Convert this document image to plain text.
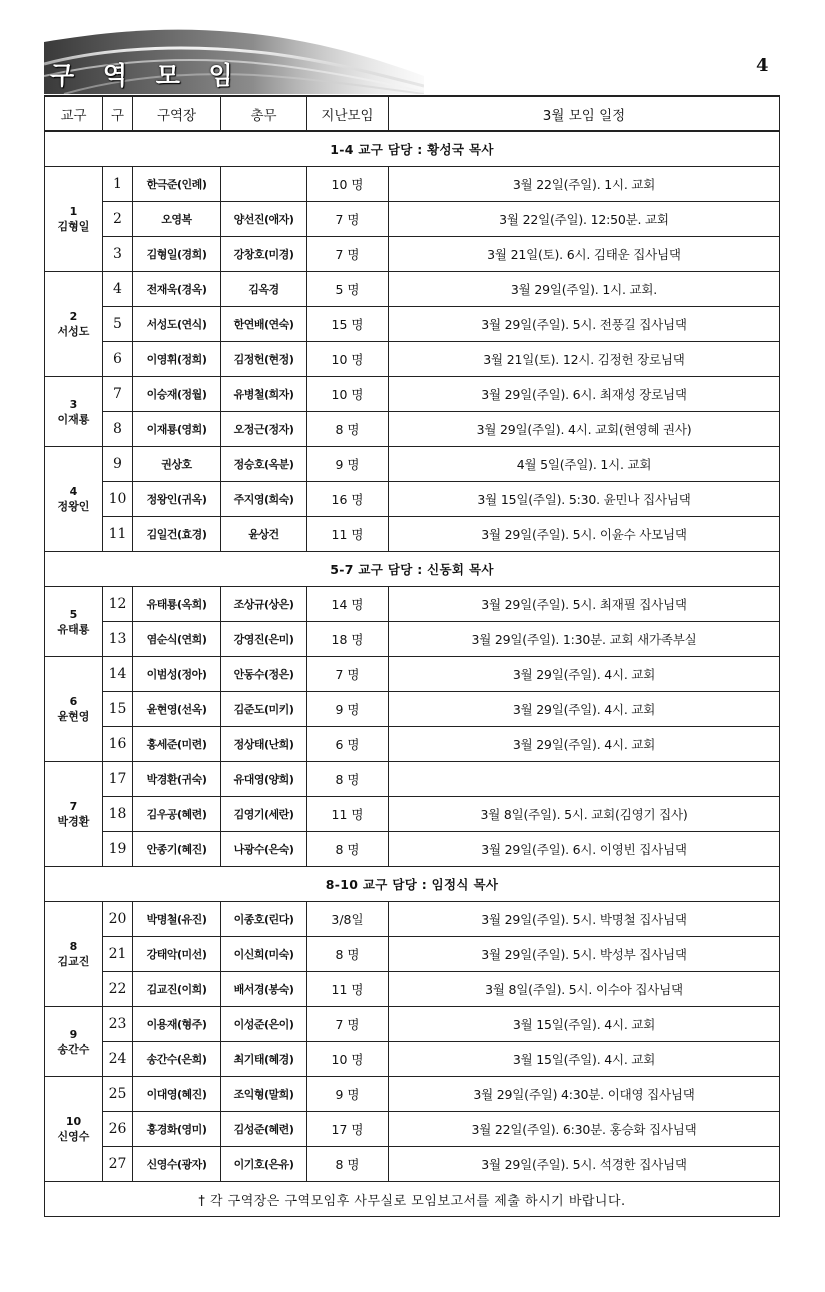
구 역 모 임	4
교구	구	구역장	총무	지난모임	3월 모임 일정
1-4 교구 담당 : 황성국 목사					

1
김형일	1	한극준(인례)		10 명	3월 22일(주일). 1시. 교회
	2	오영복	양선진(애자)	7 명	3월 22일(주일). 12:50분. 교회
	3	김형일(경희)	강창호(미경)	7 명	3월 21일(토). 6시. 김태운 집사님댁

2
서성도	4	전재욱(경옥)	김옥경	5 명	3월 29일(주일). 1시. 교회.
	5	서성도(연식)	한연배(연숙)	15 명	3월 29일(주일). 5시. 전풍길 집사님댁
	6	이영휘(정희)	김정헌(현정)	10 명	3월 21일(토). 12시. 김정헌 장로님댁

3
이재룡	7	이승재(정월)	유병철(희자)	10 명	3월 29일(주일). 6시. 최재성 장로님댁
	8	이재룡(영희)	오정근(정자)	8 명	3월 29일(주일). 4시. 교회(현영혜 권사)

4
정왕인	9	권상호	정승호(옥분)	9 명	4월 5일(주일). 1시. 교회
	10	정왕인(귀옥)	주지영(희숙)	16 명	3월 15일(주일). 5:30. 윤민나 집사님댁
	11	김일건(효경)	윤상건	11 명	3월 29일(주일). 5시. 이윤수 사모님댁
5-7 교구 담당 : 신동회 목사					

5
유태룡	12	유태룡(옥희)	조상규(상은)	14 명	3월 29일(주일). 5시. 최재필 집사님댁
	13	염순식(연희)	강영진(은미)	18 명	3월 29일(주일). 1:30분. 교회 새가족부실

6
윤현영	14	이범성(정아)	안동수(정은)	7 명	3월 29일(주일). 4시. 교회
	15	윤현영(선옥)	김준도(미키)	9 명	3월 29일(주일). 4시. 교회
	16	홍세준(미련)	정상태(난희)	6 명	3월 29일(주일). 4시. 교회

7
박경환	17	박경환(귀숙)	유대영(양희)	8 명	
	18	김우공(혜련)	김영기(세란)	11 명	3월 8일(주일). 5시. 교회(김영기 집사)
	19	안종기(혜진)	나광수(은숙)	8 명	3월 29일(주일). 6시. 이영빈 집사님댁
8-10 교구 담당 : 임정식 목사					

8
김교진	20	박명철(유진)	이종호(린다)	3/8일	3월 29일(주일). 5시. 박명철 집사님댁
	21	강태악(미선)	이신희(미숙)	8 명	3월 29일(주일). 5시. 박성부 집사님댁
	22	김교진(이희)	배서경(봉숙)	11 명	3월 8일(주일). 5시. 이수아 집사님댁

9
송간수	23	이용재(형주)	이성준(은이)	7 명	3월 15일(주일). 4시. 교회
	24	송간수(은희)	최기태(혜경)	10 명	3월 15일(주일). 4시. 교회

10
신영수	25	이대영(혜진)	조익형(말희)	9 명	3월 29일(주일) 4:30분. 이대영 집사님댁
	26	홍경화(영미)	김성준(혜련)	17 명	3월 22일(주일). 6:30분. 홍승화 집사님댁
	27	신영수(광자)	이기호(은유)	8 명	3월 29일(주일). 5시. 석경한 집사님댁
† 각 구역장은 구역모임후 사무실로 모임보고서를 제출 하시기 바랍니다.					
